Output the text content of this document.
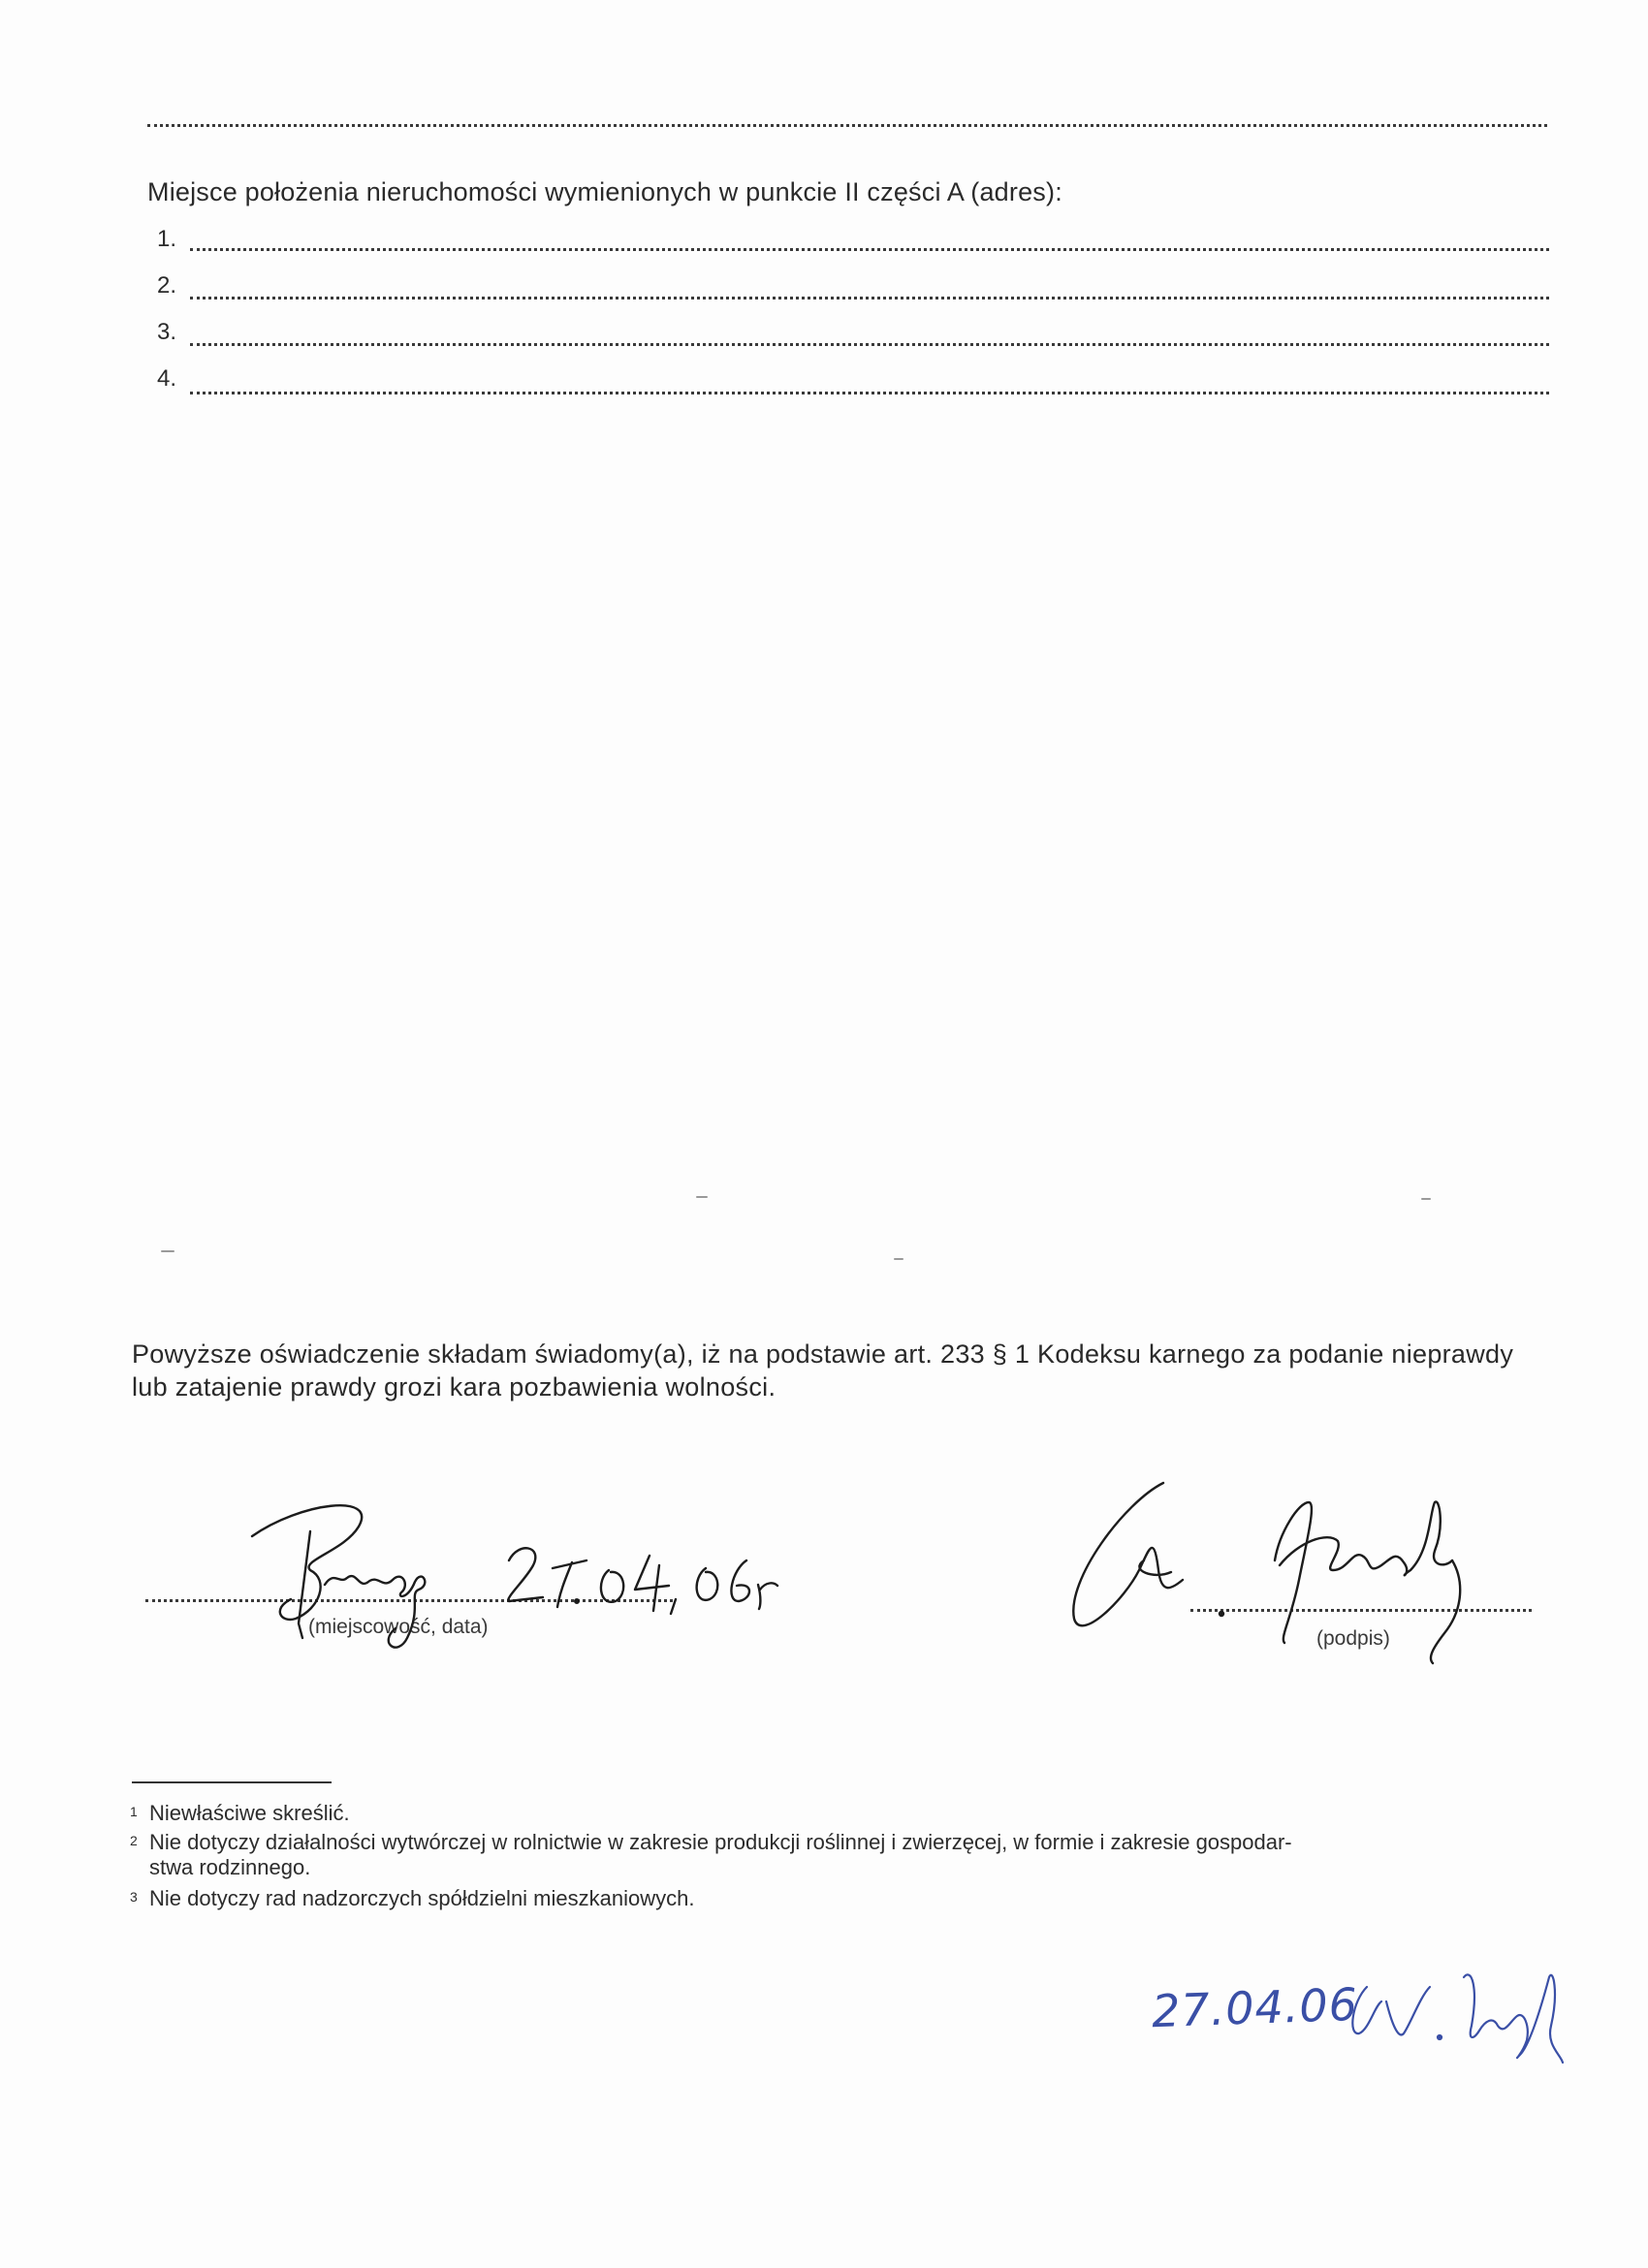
Miejsce położenia nieruchomości wymienionych w punkcie II części A (adres):
1.
2.
3.
4.
Powyższe oświadczenie składam świadomy(a), iż na podstawie art. 233 § 1 Kodeksu karnego za podanie nieprawdy lub zatajenie prawdy grozi kara pozbawienia wolności.
(miejscowość, data)
(podpis)
$^1$ Niewłaściwe skreślić.
$^2$ Nie dotyczy działalności wytwórczej w rolnictwie w zakresie produkcji roślinnej i zwierzęcej, w formie i zakresie gospodar-
stwa rodzinnego.
$^3$ Nie dotyczy rad nadzorczych spółdzielni mieszkaniowych.
27.04.06
